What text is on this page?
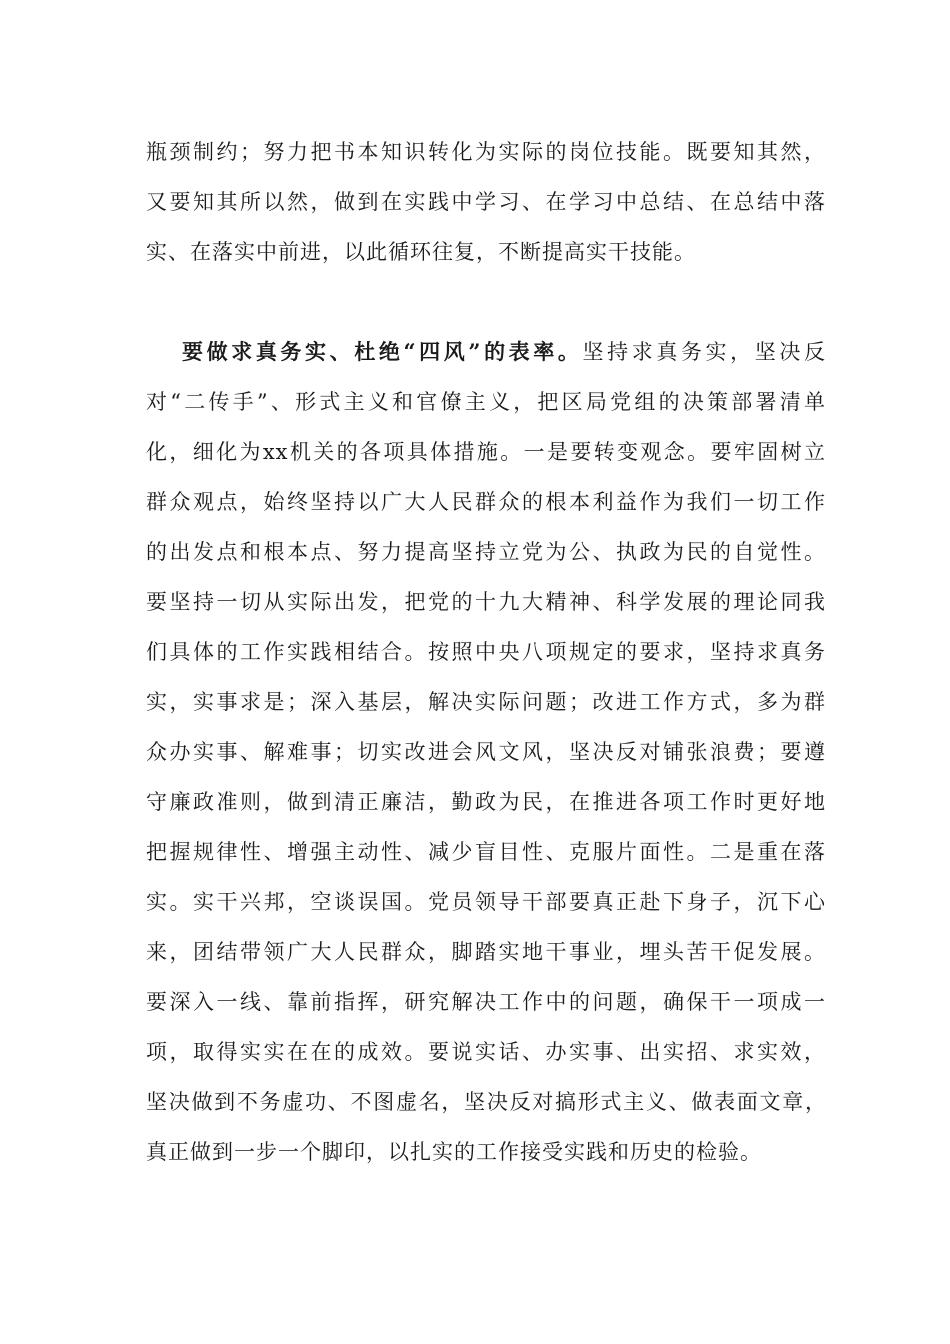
瓶颈制约；努力把书本知识转化为实际的岗位技能。既要知其然，
又要知其所以然，做到在实践中学习、在学习中总结、在总结中落
实、在落实中前进，以此循环往复，不断提高实干技能。
要做求真务实、杜绝“四风”的表率。坚持求真务实，坚决反
对“二传手”、形式主义和官僚主义，把区局党组的决策部署清单
化，细化为xx机关的各项具体措施。一是要转变观念。要牢固树立
群众观点，始终坚持以广大人民群众的根本利益作为我们一切工作
的出发点和根本点、努力提高坚持立党为公、执政为民的自觉性。
要坚持一切从实际出发，把党的十九大精神、科学发展的理论同我
们具体的工作实践相结合。按照中央八项规定的要求，坚持求真务
实，实事求是；深入基层，解决实际问题；改进工作方式，多为群
众办实事、解难事；切实改进会风文风，坚决反对铺张浪费；要遵
守廉政准则，做到清正廉洁，勤政为民，在推进各项工作时更好地
把握规律性、增强主动性、减少盲目性、克服片面性。二是重在落
实。实干兴邦，空谈误国。党员领导干部要真正赴下身子，沉下心
来，团结带领广大人民群众，脚踏实地干事业，埋头苦干促发展。
要深入一线、靠前指挥，研究解决工作中的问题，确保干一项成一
项，取得实实在在的成效。要说实话、办实事、出实招、求实效，
坚决做到不务虚功、不图虚名，坚决反对搞形式主义、做表面文章，
真正做到一步一个脚印，以扎实的工作接受实践和历史的检验。
